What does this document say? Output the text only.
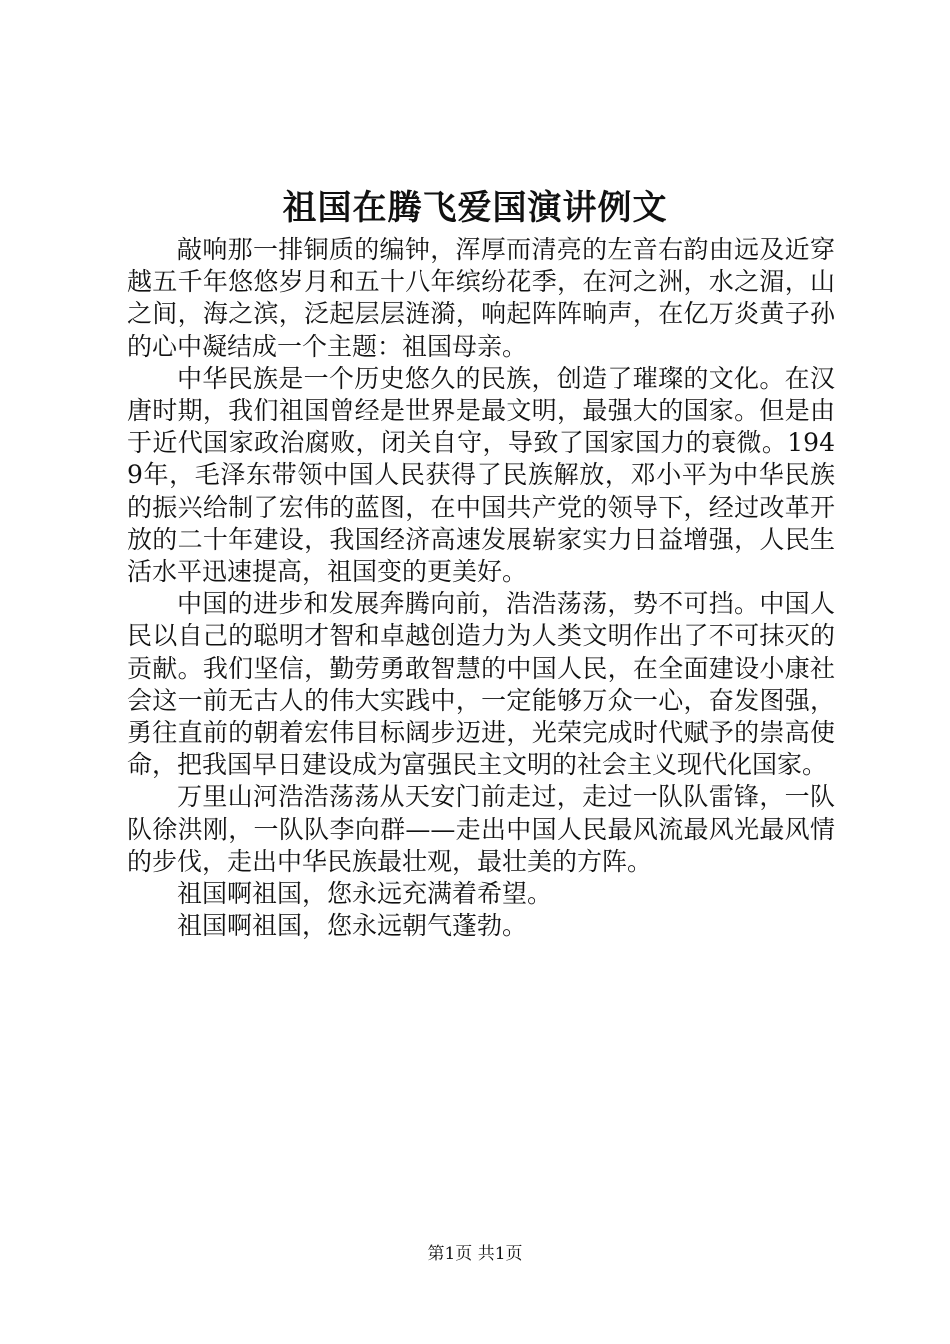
祖国在腾飞爱国演讲例文

敲响那一排铜质的编钟，浑厚而清亮的左音右韵由远及近穿越五千年悠悠岁月和五十八年缤纷花季，在河之洲，水之湄，山之间，海之滨，泛起层层涟漪，响起阵阵晌声，在亿万炎黄子孙的心中凝结成一个主题：祖国母亲。

中华民族是一个历史悠久的民族，创造了璀璨的文化。在汉唐时期，我们祖国曾经是世界是最文明，最强大的国家。但是由于近代国家政治腐败，闭关自守，导致了国家国力的衰微。1949年，毛泽东带领中国人民获得了民族解放，邓小平为中华民族的振兴给制了宏伟的蓝图，在中国共产党的领导下，经过改革开放的二十年建设，我国经济高速发展崭家实力日益增强，人民生活水平迅速提高，祖国变的更美好。

中国的进步和发展奔腾向前，浩浩荡荡，势不可挡。中国人民以自己的聪明才智和卓越创造力为人类文明作出了不可抹灭的贡献。我们坚信，勤劳勇敢智慧的中国人民，在全面建设小康社会这一前无古人的伟大实践中，一定能够万众一心，奋发图强，勇往直前的朝着宏伟目标阔步迈进，光荣完成时代赋予的崇高使命，把我国早日建设成为富强民主文明的社会主义现代化国家。

万里山河浩浩荡荡从天安门前走过，走过一队队雷锋，一队队徐洪刚，一队队李向群——走出中国人民最风流最风光最风情的步伐，走出中华民族最壮观，最壮美的方阵。

祖国啊祖国，您永远充满着希望。

祖国啊祖国，您永远朝气蓬勃。

第1页 共1页
